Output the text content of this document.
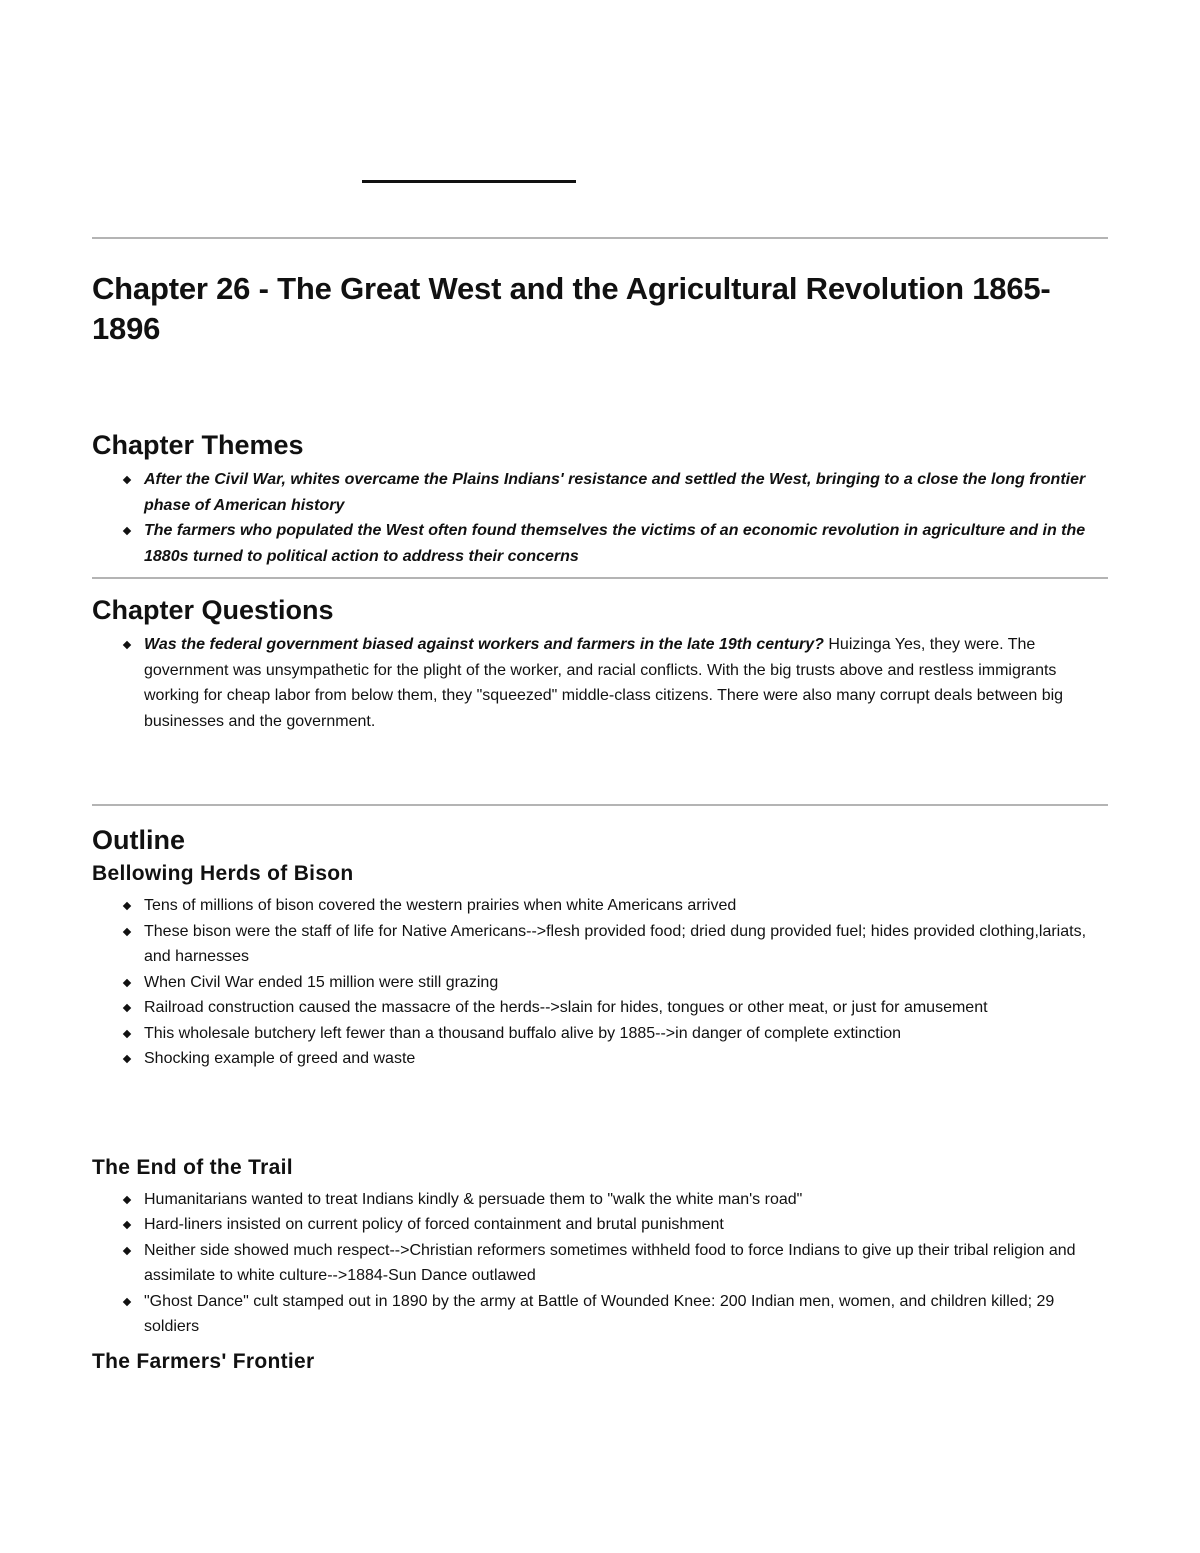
Chapter 26 - The Great West and the Agricultural Revolution 1865-1896
Chapter Themes
After the Civil War, whites overcame the Plains Indians' resistance and settled the West, bringing to a close the long frontier phase of American history
The farmers who populated the West often found themselves the victims of an economic revolution in agriculture and in the 1880s turned to political action to address their concerns
Chapter Questions
Was the federal government biased against workers and farmers in the late 19th century? Huizinga Yes, they were. The government was unsympathetic for the plight of the worker, and racial conflicts. With the big trusts above and restless immigrants working for cheap labor from below them, they "squeezed" middle-class citizens. There were also many corrupt deals between big businesses and the government.
Outline
Bellowing Herds of Bison
Tens of millions of bison covered the western prairies when white Americans arrived
These bison were the staff of life for Native Americans-->flesh provided food; dried dung provided fuel; hides provided clothing,lariats, and harnesses
When Civil War ended 15 million were still grazing
Railroad construction caused the massacre of the herds-->slain for hides, tongues or other meat, or just for amusement
This wholesale butchery left fewer than a thousand buffalo alive by 1885-->in danger of complete extinction
Shocking example of greed and waste
The End of the Trail
Humanitarians wanted to treat Indians kindly & persuade them to "walk the white man's road"
Hard-liners insisted on current policy of forced containment and brutal punishment
Neither side showed much respect-->Christian reformers sometimes withheld food to force Indians to give up their tribal religion and assimilate to white culture-->1884-Sun Dance outlawed
"Ghost Dance" cult stamped out in 1890 by the army at Battle of Wounded Knee: 200 Indian men, women, and children killed; 29 soldiers
The Farmers' Frontier
